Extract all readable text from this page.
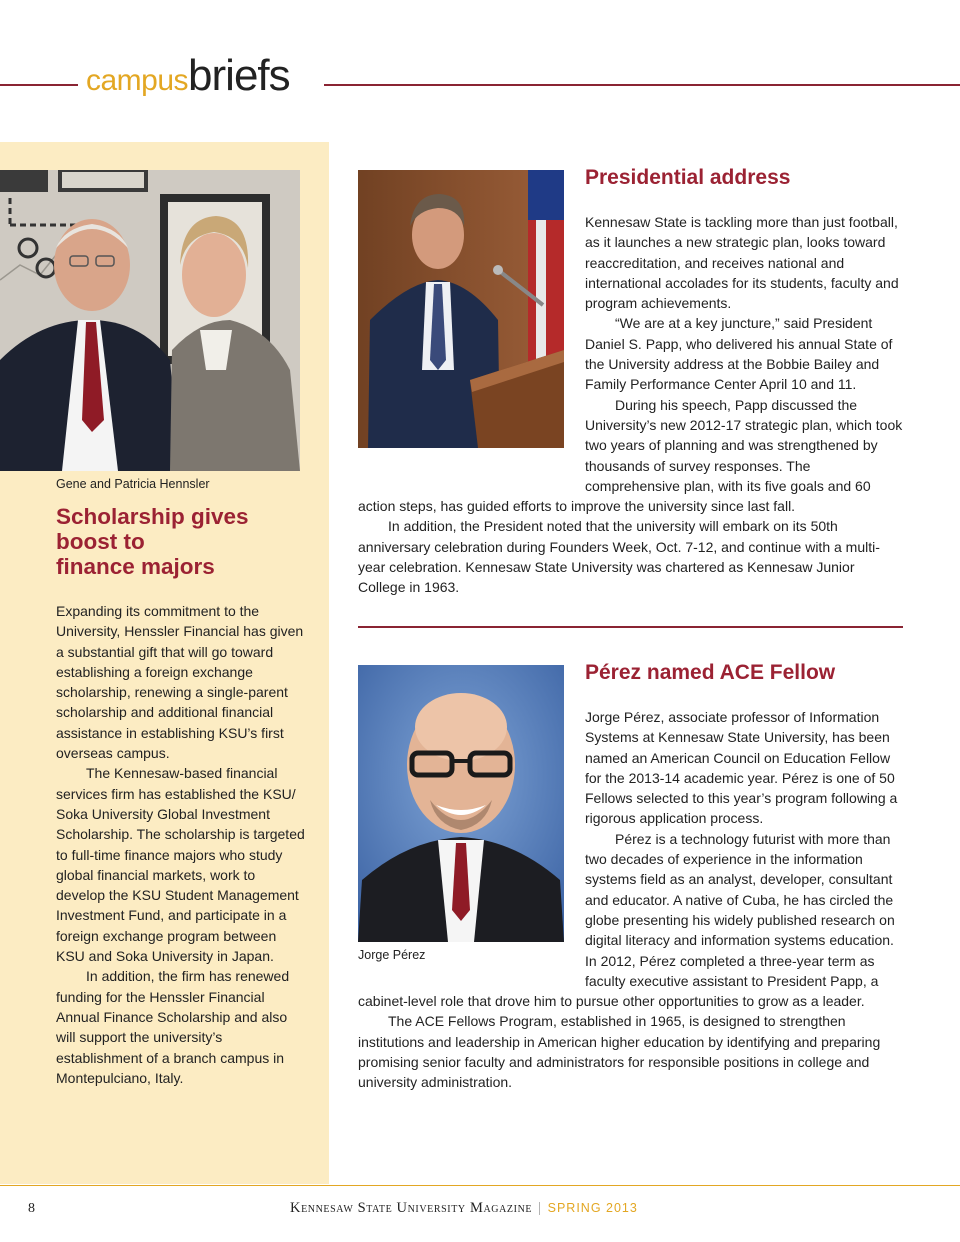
campusbriefs
Gene and Patricia Hennsler
Scholarship gives
boost to
finance majors

Expanding its commitment to the University, Henssler Financial has given a substantial gift that will go toward establishing a foreign exchange scholarship, renewing a single-parent scholarship and additional financial assistance in establishing KSU’s first overseas campus.

The Kennesaw-based financial services firm has established the KSU/ Soka University Global Investment Scholarship. The scholarship is targeted to full-time finance majors who study global financial markets, work to develop the KSU Student Management Investment Fund, and participate in a foreign exchange program between KSU and Soka University in Japan.

In addition, the firm has renewed funding for the Henssler Financial Annual Finance Scholarship and also will support the university’s establishment of a branch campus in Montepulciano, Italy.

Presidential address

Kennesaw State is tackling more than just football, as it launches a new strategic plan, looks toward reaccreditation, and receives national and international accolades for its students, faculty and program achievements.

“We are at a key juncture,” said President Daniel S. Papp, who delivered his annual State of the University address at the Bobbie Bailey and Family Performance Center April 10 and 11.

During his speech, Papp discussed the University’s new 2012-17 strategic plan, which took two years of planning and was strengthened by thousands of survey responses. The comprehensive plan, with its five goals and 60 action steps, has guided efforts to improve the university since last fall.

In addition, the President noted that the university will embark on its 50th anniversary celebration during Founders Week, Oct. 7-12, and continue with a multi-year celebration. Kennesaw State University was chartered as Kennesaw Junior College in 1963.

Jorge Pérez
Pérez named ACE Fellow

Jorge Pérez, associate professor of Information Systems at Kennesaw State University, has been named an American Council on Education Fellow for the 2013-14 academic year. Pérez is one of 50 Fellows selected to this year’s program following a rigorous application process.

Pérez is a technology futurist with more than two decades of experience in the information systems field as an analyst, developer, consultant and educator. A native of Cuba, he has circled the globe presenting his widely published research on digital literacy and information systems education. In 2012, Pérez completed a three-year term as faculty executive assistant to President Papp, a cabinet-level role that drove him to pursue other opportunities to grow as a leader.

The ACE Fellows Program, established in 1965, is designed to strengthen institutions and leadership in American higher education by identifying and preparing promising senior faculty and administrators for responsible positions in college and university administration.

8	Kennesaw State University Magazine | SPRING 2013
